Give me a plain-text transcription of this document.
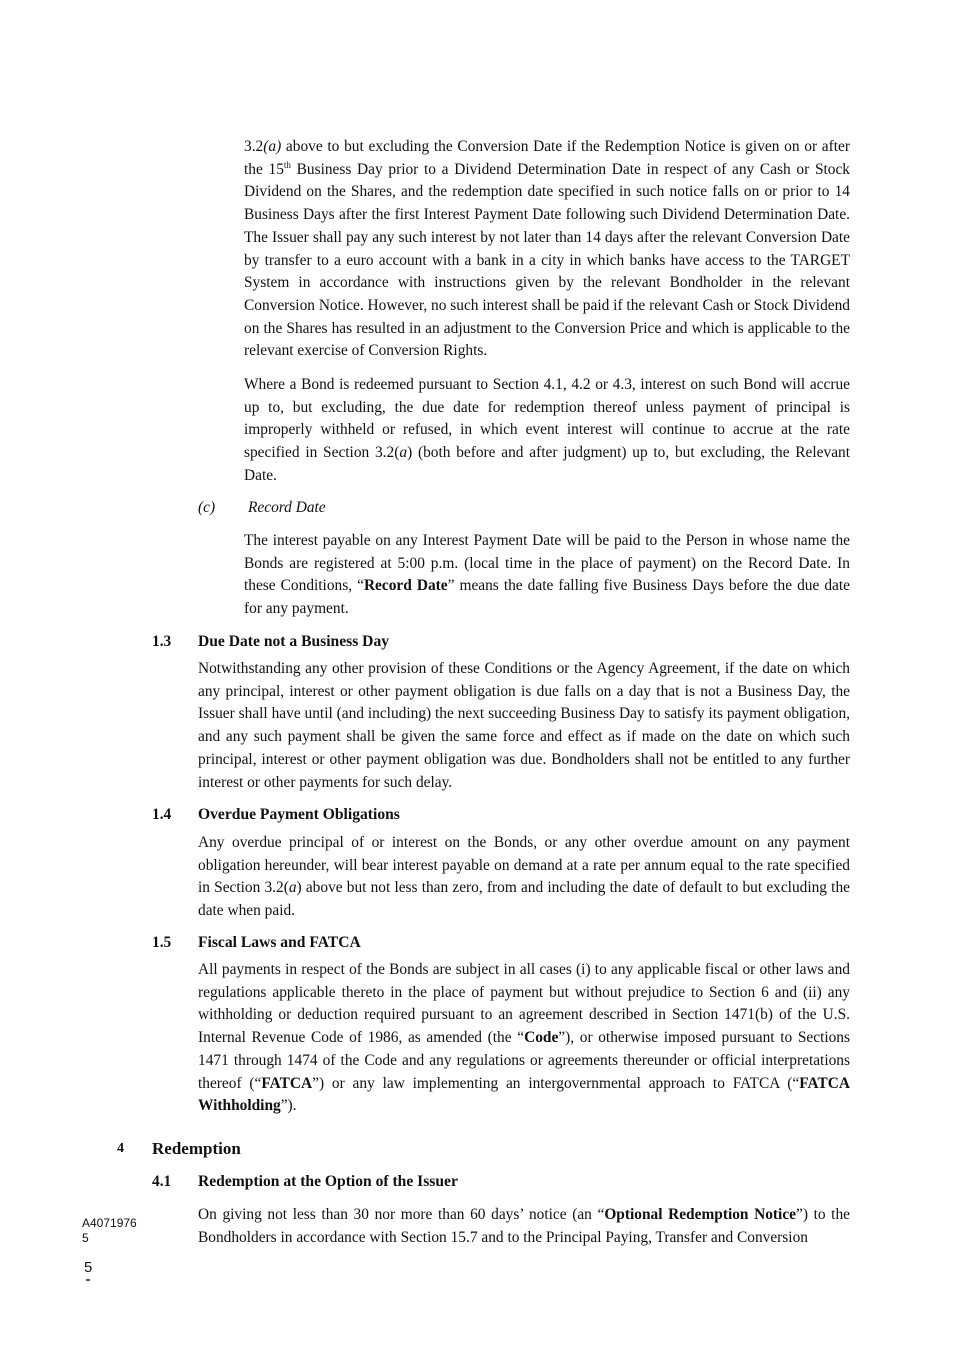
3.2(a) above to but excluding the Conversion Date if the Redemption Notice is given on or after the 15th Business Day prior to a Dividend Determination Date in respect of any Cash or Stock Dividend on the Shares, and the redemption date specified in such notice falls on or prior to 14 Business Days after the first Interest Payment Date following such Dividend Determination Date. The Issuer shall pay any such interest by not later than 14 days after the relevant Conversion Date by transfer to a euro account with a bank in a city in which banks have access to the TARGET System in accordance with instructions given by the relevant Bondholder in the relevant Conversion Notice. However, no such interest shall be paid if the relevant Cash or Stock Dividend on the Shares has resulted in an adjustment to the Conversion Price and which is applicable to the relevant exercise of Conversion Rights.

Where a Bond is redeemed pursuant to Section 4.1, 4.2 or 4.3, interest on such Bond will accrue up to, but excluding, the due date for redemption thereof unless payment of principal is improperly withheld or refused, in which event interest will continue to accrue at the rate specified in Section 3.2(a) (both before and after judgment) up to, but excluding, the Relevant Date.

(c) Record Date

The interest payable on any Interest Payment Date will be paid to the Person in whose name the Bonds are registered at 5:00 p.m. (local time in the place of payment) on the Record Date. In these Conditions, “Record Date” means the date falling five Business Days before the due date for any payment.

1.3 Due Date not a Business Day

Notwithstanding any other provision of these Conditions or the Agency Agreement, if the date on which any principal, interest or other payment obligation is due falls on a day that is not a Business Day, the Issuer shall have until (and including) the next succeeding Business Day to satisfy its payment obligation, and any such payment shall be given the same force and effect as if made on the date on which such principal, interest or other payment obligation was due. Bondholders shall not be entitled to any further interest or other payments for such delay.

1.4 Overdue Payment Obligations

Any overdue principal of or interest on the Bonds, or any other overdue amount on any payment obligation hereunder, will bear interest payable on demand at a rate per annum equal to the rate specified in Section 3.2(a) above but not less than zero, from and including the date of default to but excluding the date when paid.

1.5 Fiscal Laws and FATCA

All payments in respect of the Bonds are subject in all cases (i) to any applicable fiscal or other laws and regulations applicable thereto in the place of payment but without prejudice to Section 6 and (ii) any withholding or deduction required pursuant to an agreement described in Section 1471(b) of the U.S. Internal Revenue Code of 1986, as amended (the “Code”), or otherwise imposed pursuant to Sections 1471 through 1474 of the Code and any regulations or agreements thereunder or official interpretations thereof (“FATCA”) or any law implementing an intergovernmental approach to FATCA (“FATCA Withholding”).

4 Redemption
4.1 Redemption at the Option of the Issuer

On giving not less than 30 nor more than 60 days’ notice (an “Optional Redemption Notice”) to the Bondholders in accordance with Section 15.7 and to the Principal Paying, Transfer and Conversion

A40719765
5
